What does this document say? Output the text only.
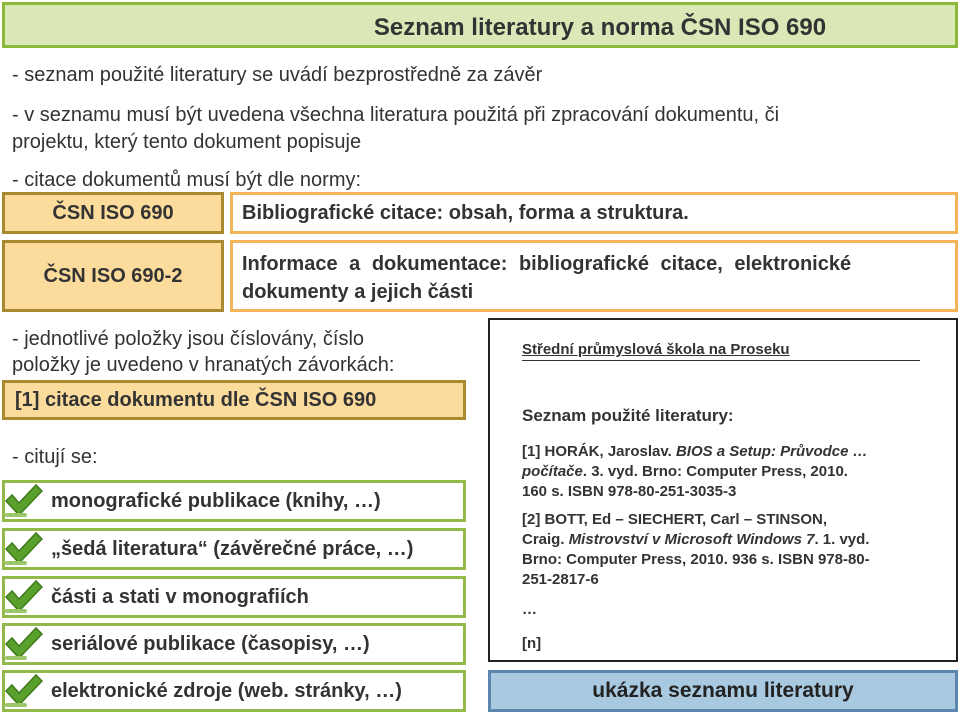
Seznam literatury a norma ČSN ISO 690
- seznam použité literatury se uvádí bezprostředně za závěr
- v seznamu musí být uvedena všechna literatura použitá při zpracování dokumentu, či
projektu, který tento dokument popisuje
- citace dokumentů musí být dle normy:
ČSN ISO 690	Bibliografické citace: obsah, forma a struktura.
ČSN ISO 690-2
Informace a dokumentace: bibliografické citace, elektronické
dokumenty a jejich části
- jednotlivé položky jsou číslovány, číslo
položky je uvedeno v hranatých závorkách:
[1] citace dokumentu dle ČSN ISO 690
- citují se:
monografické publikace (knihy, …)
„šedá literatura“ (závěrečné práce, …)
části a stati v monografiích
seriálové publikace (časopisy, …)
elektronické zdroje (web. stránky, …)
Střední průmyslová škola na Proseku
Seznam použité literatury:
[1] HORÁK, Jaroslav. BIOS a Setup: Průvodce …
počítače. 3. vyd. Brno: Computer Press, 2010.
160 s. ISBN 978-80-251-3035-3
[2] BOTT, Ed – SIECHERT, Carl – STINSON,
Craig. Mistrovství v Microsoft Windows 7. 1. vyd.
Brno: Computer Press, 2010. 936 s. ISBN 978-80-
251-2817-6
…
[n]
ukázka seznamu literatury
